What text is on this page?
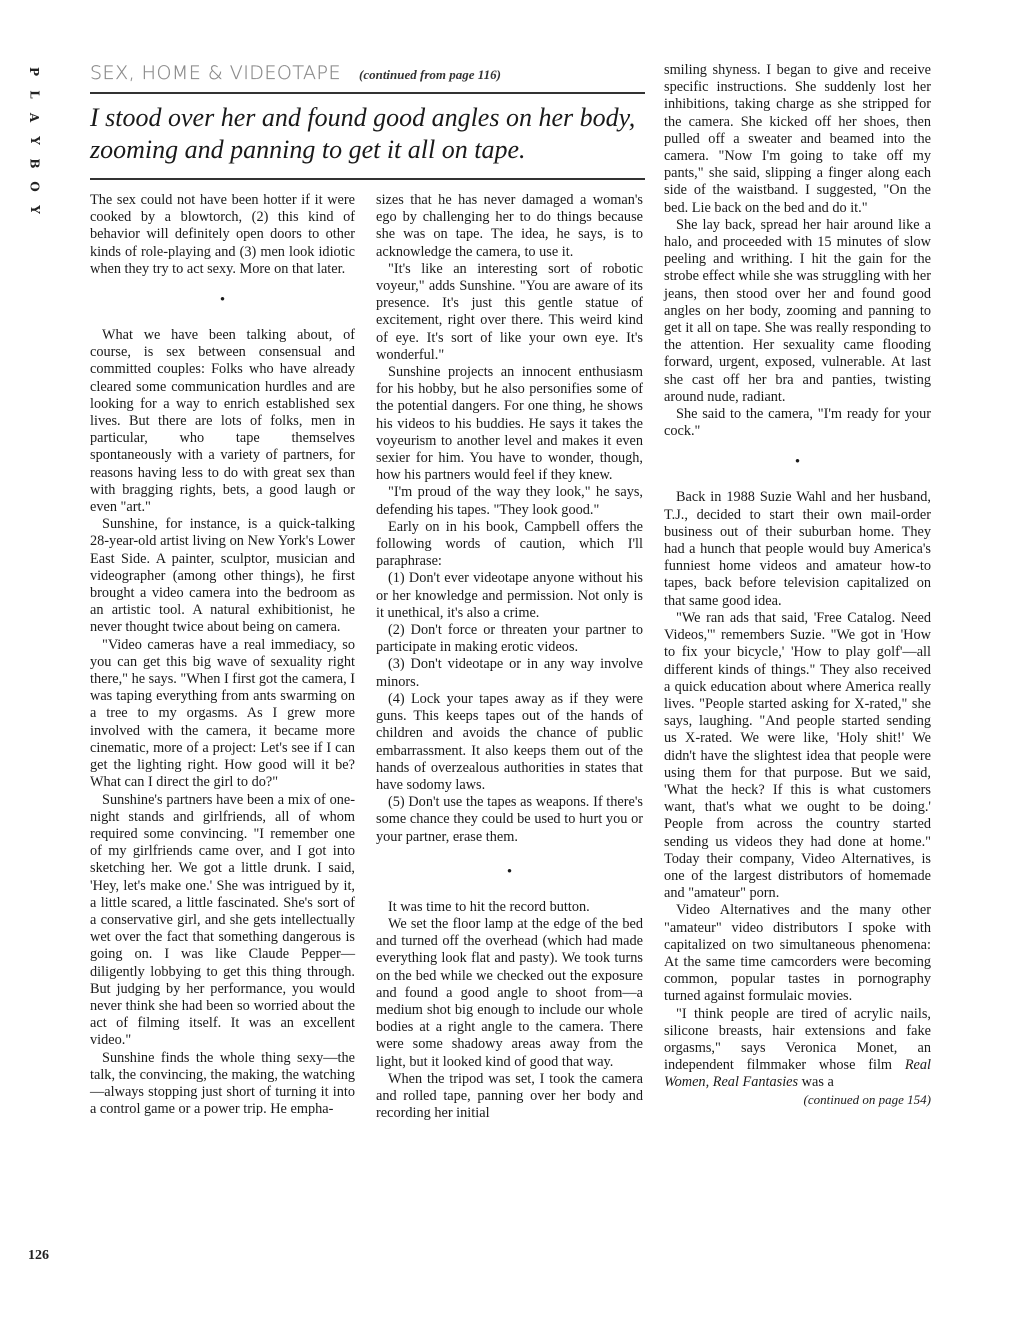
P
L
A
Y
B
O
Y
126
SEX, HOME & VIDEOTAPE (continued from page 116)
I stood over her and found good angles on her body, zooming and panning to get it all on tape.

The sex could not have been hotter if it were cooked by a blowtorch, (2) this kind of behavior will definitely open doors to other kinds of role-playing and (3) men look idiotic when they try to act sexy. More on that later.

•

What we have been talking about, of course, is sex between consensual and committed couples: Folks who have already cleared some communication hurdles and are looking for a way to enrich established sex lives. But there are lots of folks, men in particular, who tape themselves spontaneously with a variety of partners, for reasons having less to do with great sex than with bragging rights, bets, a good laugh or even "art."

Sunshine, for instance, is a quick-talking 28-year-old artist living on New York's Lower East Side. A painter, sculptor, musician and videographer (among other things), he first brought a video camera into the bedroom as an artistic tool. A natural exhibitionist, he never thought twice about being on camera.

"Video cameras have a real immediacy, so you can get this big wave of sexuality right there," he says. "When I first got the camera, I was taping everything from ants swarming on a tree to my orgasms. As I grew more involved with the camera, it became more cinematic, more of a project: Let's see if I can get the lighting right. How good will it be? What can I direct the girl to do?"

Sunshine's partners have been a mix of one-night stands and girlfriends, all of whom required some convincing. "I remember one of my girlfriends came over, and I got into sketching her. We got a little drunk. I said, 'Hey, let's make one.' She was intrigued by it, a little scared, a little fascinated. She's sort of a conservative girl, and she gets intellectually wet over the fact that something dangerous is going on. I was like Claude Pepper—diligently lobbying to get this thing through. But judging by her performance, you would never think she had been so worried about the act of filming itself. It was an excellent video."

Sunshine finds the whole thing sexy—the talk, the convincing, the making, the watching—always stopping just short of turning it into a control game or a power trip. He empha-

sizes that he has never damaged a woman's ego by challenging her to do things because she was on tape. The idea, he says, is to acknowledge the camera, to use it.

"It's like an interesting sort of robotic voyeur," adds Sunshine. "You are aware of its presence. It's just this gentle statue of excitement, right over there. This weird kind of eye. It's sort of like your own eye. It's wonderful."

Sunshine projects an innocent enthusiasm for his hobby, but he also personifies some of the potential dangers. For one thing, he shows his videos to his buddies. He says it takes the voyeurism to another level and makes it even sexier for him. You have to wonder, though, how his partners would feel if they knew.

"I'm proud of the way they look," he says, defending his tapes. "They look good."

Early on in his book, Campbell offers the following words of caution, which I'll paraphrase:

(1) Don't ever videotape anyone without his or her knowledge and permission. Not only is it unethical, it's also a crime.

(2) Don't force or threaten your partner to participate in making erotic videos.

(3) Don't videotape or in any way involve minors.

(4) Lock your tapes away as if they were guns. This keeps tapes out of the hands of children and avoids the chance of public embarrassment. It also keeps them out of the hands of overzealous authorities in states that have sodomy laws.

(5) Don't use the tapes as weapons. If there's some chance they could be used to hurt you or your partner, erase them.

•

It was time to hit the record button.

We set the floor lamp at the edge of the bed and turned off the overhead (which had made everything look flat and pasty). We took turns on the bed while we checked out the exposure and found a good angle to shoot from—a medium shot big enough to include our whole bodies at a right angle to the camera. There were some shadowy areas away from the light, but it looked kind of good that way.

When the tripod was set, I took the camera and rolled tape, panning over her body and recording her initial

smiling shyness. I began to give and receive specific instructions. She suddenly lost her inhibitions, taking charge as she stripped for the camera. She kicked off her shoes, then pulled off a sweater and beamed into the camera. "Now I'm going to take off my pants," she said, slipping a finger along each side of the waistband. I suggested, "On the bed. Lie back on the bed and do it."

She lay back, spread her hair around like a halo, and proceeded with 15 minutes of slow peeling and writhing. I hit the gain for the strobe effect while she was struggling with her jeans, then stood over her and found good angles on her body, zooming and panning to get it all on tape. She was really responding to the attention. Her sexuality came flooding forward, urgent, exposed, vulnerable. At last she cast off her bra and panties, twisting around nude, radiant.

She said to the camera, "I'm ready for your cock."

•

Back in 1988 Suzie Wahl and her husband, T.J., decided to start their own mail-order business out of their suburban home. They had a hunch that people would buy America's funniest home videos and amateur how-to tapes, back before television capitalized on that same good idea.

"We ran ads that said, 'Free Catalog. Need Videos,'" remembers Suzie. "We got in 'How to fix your bicycle,' 'How to play golf'—all different kinds of things." They also received a quick education about where America really lives. "People started asking for X-rated," she says, laughing. "And people started sending us X-rated. We were like, 'Holy shit!' We didn't have the slightest idea that people were using them for that purpose. But we said, 'What the heck? If this is what customers want, that's what we ought to be doing.' People from across the country started sending us videos they had done at home." Today their company, Video Alternatives, is one of the largest distributors of homemade and "amateur" porn.

Video Alternatives and the many other "amateur" video distributors I spoke with capitalized on two simultaneous phenomena: At the same time camcorders were becoming common, popular tastes in pornography turned against formulaic movies.

"I think people are tired of acrylic nails, silicone breasts, hair extensions and fake orgasms," says Veronica Monet, an independent filmmaker whose film Real Women, Real Fantasies was a

(continued on page 154)
